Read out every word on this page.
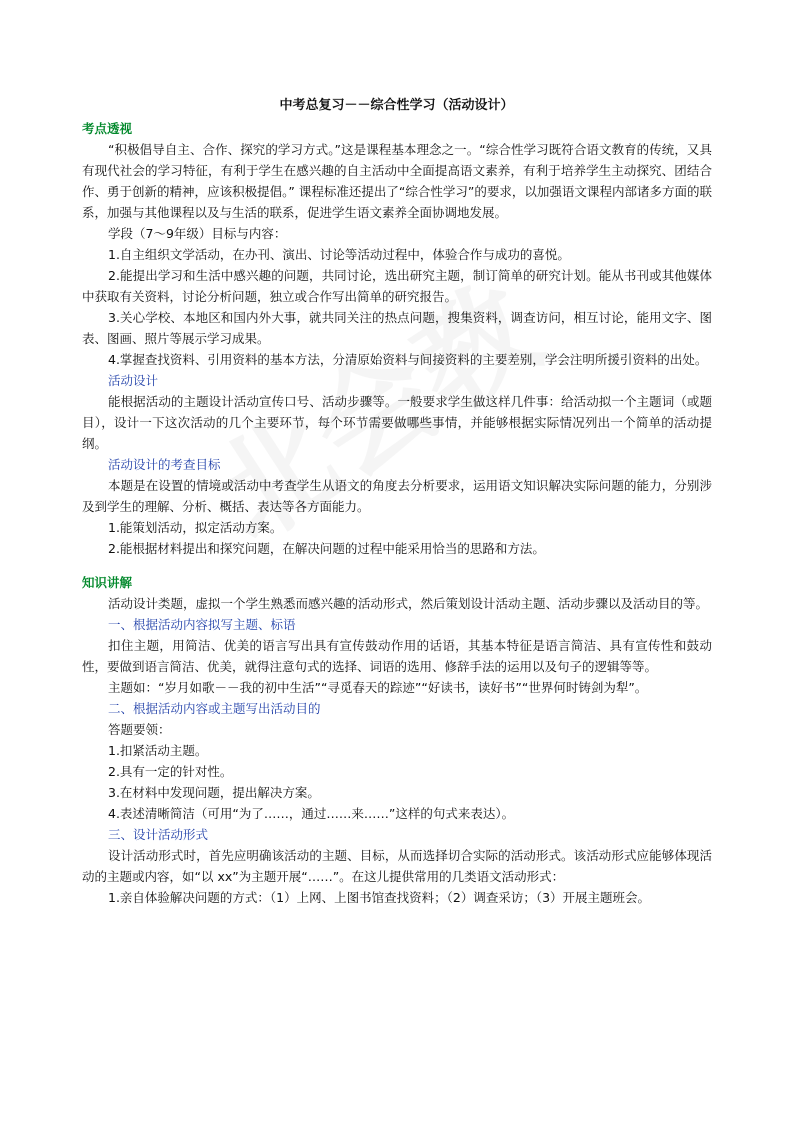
中考总复习－－综合性学习（活动设计）
考点透视
“积极倡导自主、合作、探究的学习方式。”这是课程基本理念之一。“综合性学习既符合语文教育的传统，又具有现代社会的学习特征，有利于学生在感兴趣的自主活动中全面提高语文素养，有利于培养学生主动探究、团结合作、勇于创新的精神，应该积极提倡。” 课程标准还提出了“综合性学习”的要求，以加强语文课程内部诸多方面的联系，加强与其他课程以及与生活的联系，促进学生语文素养全面协调地发展。
学段（7～9年级）目标与内容：
1.自主组织文学活动，在办刊、演出、讨论等活动过程中，体验合作与成功的喜悦。
2.能提出学习和生活中感兴趣的问题，共同讨论，选出研究主题，制订简单的研究计划。能从书刊或其他媒体中获取有关资料，讨论分析问题，独立或合作写出简单的研究报告。
3.关心学校、本地区和国内外大事，就共同关注的热点问题，搜集资料，调查访问，相互讨论，能用文字、图表、图画、照片等展示学习成果。
4.掌握查找资料、引用资料的基本方法，分清原始资料与间接资料的主要差别，学会注明所援引资料的出处。
活动设计
能根据活动的主题设计活动宣传口号、活动步骤等。一般要求学生做这样几件事：给活动拟一个主题词（或题目），设计一下这次活动的几个主要环节，每个环节需要做哪些事情，并能够根据实际情况列出一个简单的活动提纲。
活动设计的考查目标
本题是在设置的情境或活动中考查学生从语文的角度去分析要求，运用语文知识解决实际问题的能力，分别涉及到学生的理解、分析、概括、表达等各方面能力。
1.能策划活动，拟定活动方案。
2.能根据材料提出和探究问题，在解决问题的过程中能采用恰当的思路和方法。
知识讲解
活动设计类题，虚拟一个学生熟悉而感兴趣的活动形式，然后策划设计活动主题、活动步骤以及活动目的等。
一、根据活动内容拟写主题、标语
扣住主题，用简洁、优美的语言写出具有宣传鼓动作用的话语，其基本特征是语言简洁、具有宣传性和鼓动性，要做到语言简洁、优美，就得注意句式的选择、词语的选用、修辞手法的运用以及句子的逻辑等等。
主题如：“岁月如歌－－我的初中生活”“寻觅春天的踪迹”“好读书，读好书”“世界何时铸剑为犁”。
二、根据活动内容或主题写出活动目的
答题要领：
1.扣紧活动主题。
2.具有一定的针对性。
3.在材料中发现问题，提出解决方案。
4.表述清晰简洁（可用“为了……，通过……来……”这样的句式来表达）。
三、设计活动形式
设计活动形式时，首先应明确该活动的主题、目标，从而选择切合实际的活动形式。该活动形式应能够体现活动的主题或内容，如“以 xx”为主题开展“……”。在这儿提供常用的几类语文活动形式：
1.亲自体验解决问题的方式：（1）上网、上图书馆查找资料；（2）调查采访；（3）开展主题班会。
